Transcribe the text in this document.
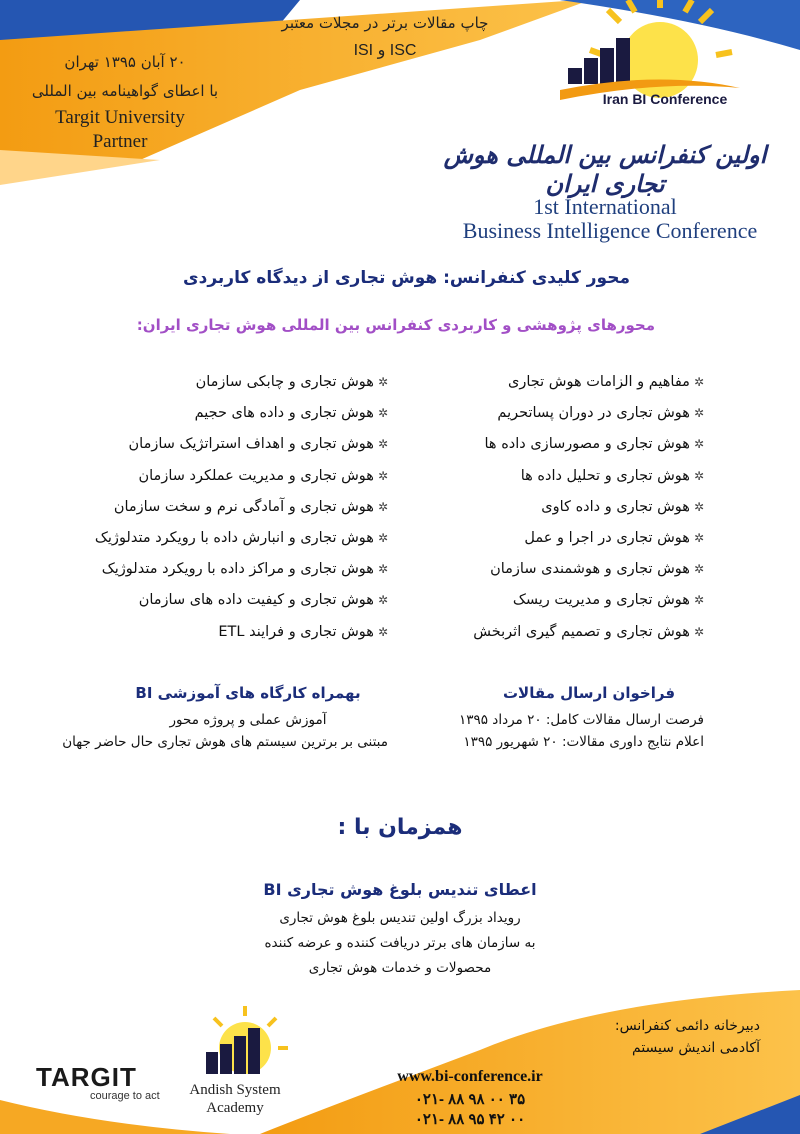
چاپ مقالات برتر در مجلات معتبر
ISI و ISC
۲۰ آبان ۱۳۹۵ تهران
با اعطای گواهینامه بین المللی
Targit University
Partner
Iran BI Conference
اولین کنفرانس بین المللی هوش تجاری ایران
1st International
Business Intelligence Conference
محور کلیدی کنفرانس: هوش تجاری از دیدگاه کاربردی
محورهای پژوهشی و کاربردی کنفرانس بین المللی هوش تجاری ایران:
✲مفاهیم و الزامات هوش تجاری
✲هوش تجاری در دوران پساتحریم
✲هوش تجاری و مصورسازی داده ها
✲هوش تجاری و تحلیل داده ها
✲هوش تجاری و داده کاوی
✲هوش تجاری در اجرا و عمل
✲هوش تجاری و هوشمندی سازمان
✲هوش تجاری و مدیریت ریسک
✲هوش تجاری و تصمیم گیری اثربخش
✲هوش تجاری و چابکی سازمان
✲هوش تجاری و داده های حجیم
✲هوش تجاری و اهداف استراتژیک سازمان
✲هوش تجاری و مدیریت عملکرد سازمان
✲هوش تجاری و آمادگی نرم و سخت سازمان
✲هوش تجاری و انبارش داده با رویکرد متدلوژیک
✲هوش تجاری و مراکز داده با رویکرد متدلوژیک
✲هوش تجاری و کیفیت داده های سازمان
✲هوش تجاری و فرایند ETL
فراخوان ارسال مقالات
فرصت ارسال مقالات کامل: ۲۰ مرداد ۱۳۹۵
اعلام نتایج داوری مقالات: ۲۰ شهریور ۱۳۹۵
بهمراه کارگاه های آموزشی BI
آموزش عملی و پروژه محور
مبتنی بر برترین سیستم های هوش تجاری حال حاضر جهان
همزمان با :
اعطای تندیس بلوغ هوش تجاری BI
رویداد بزرگ اولین تندیس بلوغ هوش تجاری
به سازمان های برتر دریافت کننده و عرضه کننده
محصولات و خدمات هوش تجاری
دبیرخانه دائمی کنفرانس:
آکادمی اندیش سیستم
www.bi-conference.ir
۰۲۱- ۸۸ ۹۸ ۰۰ ۳۵
۰۲۱- ۸۸ ۹۵ ۴۲ ۰۰
TARGIT
courage to act	Andish System
Academy
